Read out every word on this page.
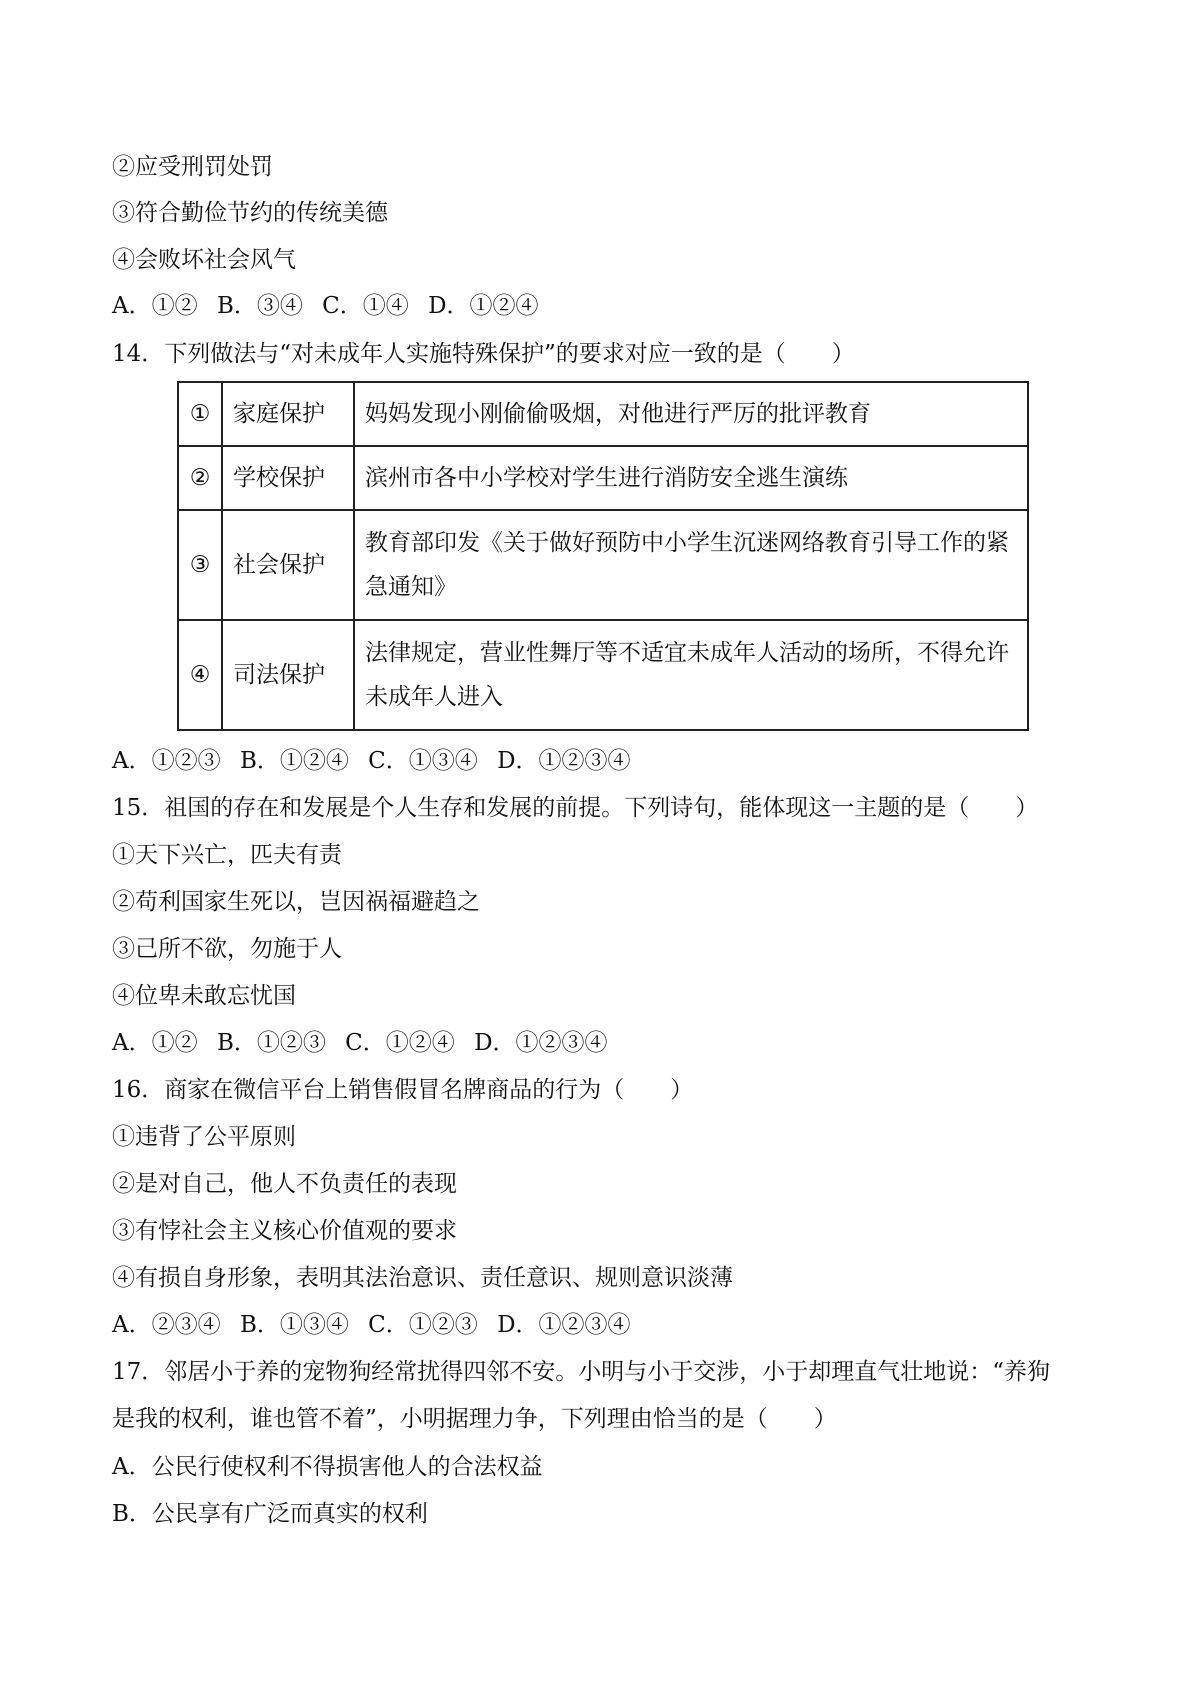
②应受刑罚处罚
③符合勤俭节约的传统美德
④会败坏社会风气
A．①② B．③④ C．①④ D．①②④
14．下列做法与“对未成年人实施特殊保护”的要求对应一致的是（　　）
①	家庭保护	妈妈发现小刚偷偷吸烟，对他进行严厉的批评教育
②	学校保护	滨州市各中小学校对学生进行消防安全逃生演练
③	社会保护	教育部印发《关于做好预防中小学生沉迷网络教育引导工作的紧急通知》
④	司法保护	法律规定，营业性舞厅等不适宜未成年人活动的场所，不得允许未成年人进入
A．①②③ B．①②④ C．①③④ D．①②③④
15．祖国的存在和发展是个人生存和发展的前提。下列诗句，能体现这一主题的是（　　）
①天下兴亡，匹夫有责
②苟利国家生死以，岂因祸福避趋之
③己所不欲，勿施于人
④位卑未敢忘忧国
A．①② B．①②③ C．①②④ D．①②③④
16．商家在微信平台上销售假冒名牌商品的行为（　　）
①违背了公平原则
②是对自己，他人不负责任的表现
③有悖社会主义核心价值观的要求
④有损自身形象，表明其法治意识、责任意识、规则意识淡薄
A．②③④ B．①③④ C．①②③ D．①②③④
17．邻居小于养的宠物狗经常扰得四邻不安。小明与小于交涉，小于却理直气壮地说：“养狗
是我的权利，谁也管不着”，小明据理力争，下列理由恰当的是（　　）
A．公民行使权利不得损害他人的合法权益
B．公民享有广泛而真实的权利
